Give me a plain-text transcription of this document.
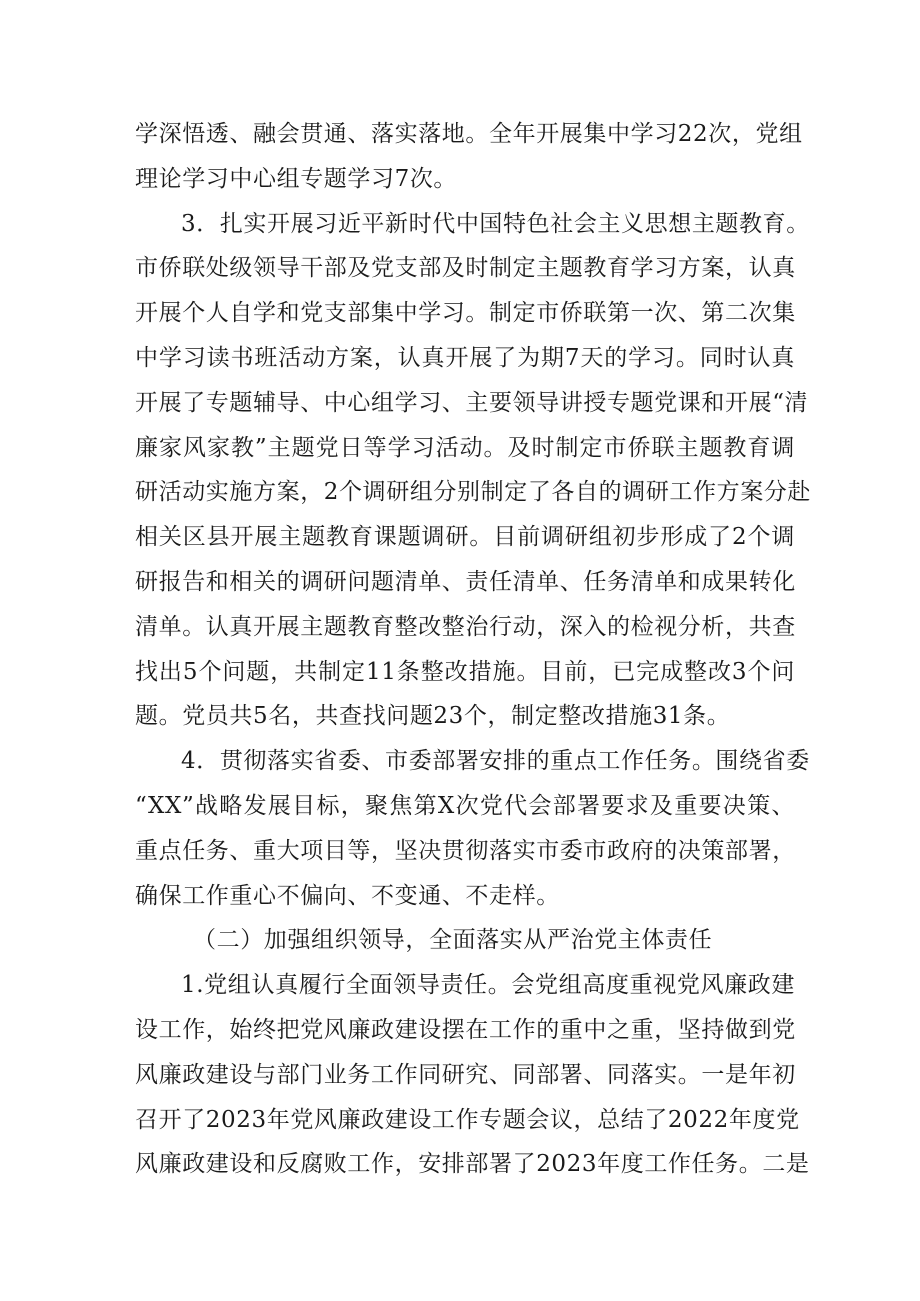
学深悟透、融会贯通、落实落地。全年开展集中学习22次，党组
理论学习中心组专题学习7次。
3．扎实开展习近平新时代中国特色社会主义思想主题教育。
市侨联处级领导干部及党支部及时制定主题教育学习方案，认真
开展个人自学和党支部集中学习。制定市侨联第一次、第二次集
中学习读书班活动方案，认真开展了为期7天的学习。同时认真
开展了专题辅导、中心组学习、主要领导讲授专题党课和开展“清
廉家风家教”主题党日等学习活动。及时制定市侨联主题教育调
研活动实施方案，2个调研组分别制定了各自的调研工作方案分赴
相关区县开展主题教育课题调研。目前调研组初步形成了2个调
研报告和相关的调研问题清单、责任清单、任务清单和成果转化
清单。认真开展主题教育整改整治行动，深入的检视分析，共查
找出5个问题，共制定11条整改措施。目前，已完成整改3个问
题。党员共5名，共查找问题23个，制定整改措施31条。
4．贯彻落实省委、市委部署安排的重点工作任务。围绕省委
“XX”战略发展目标，聚焦第X次党代会部署要求及重要决策、
重点任务、重大项目等，坚决贯彻落实市委市政府的决策部署，
确保工作重心不偏向、不变通、不走样。
（二）加强组织领导，全面落实从严治党主体责任
1.党组认真履行全面领导责任。会党组高度重视党风廉政建
设工作，始终把党风廉政建设摆在工作的重中之重，坚持做到党
风廉政建设与部门业务工作同研究、同部署、同落实。一是年初
召开了2023年党风廉政建设工作专题会议，总结了2022年度党
风廉政建设和反腐败工作，安排部署了2023年度工作任务。二是
